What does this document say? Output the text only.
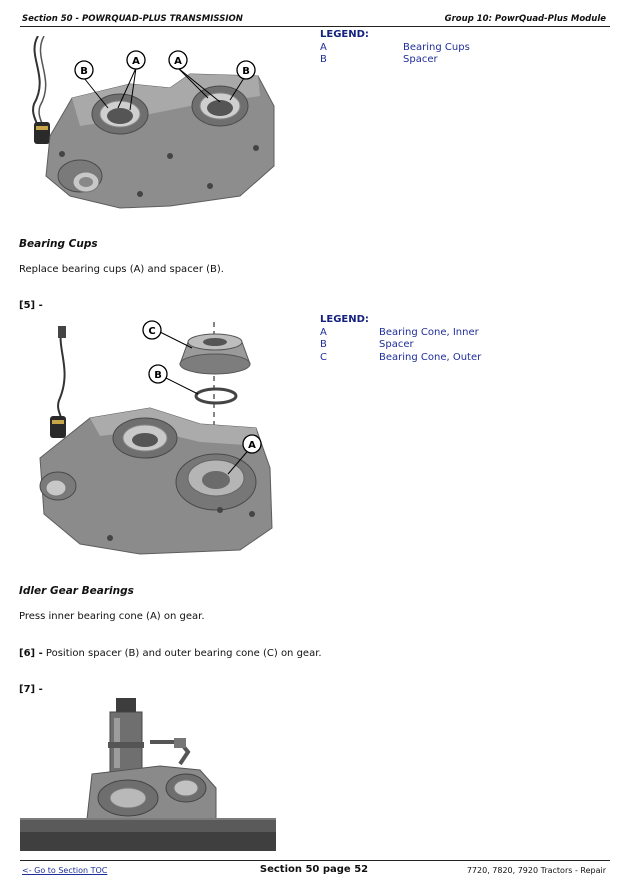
Section 50 - POWRQUAD-PLUS TRANSMISSION	Group 10: PowrQuad-Plus Module
B
A	A
B
LEGEND:
A	Bearing Cups
B	Spacer
Bearing Cups
Replace bearing cups (A) and spacer (B).
[5] -
C
B
A
LEGEND:
A	Bearing Cone, Inner
B	Spacer
C	Bearing Cone, Outer
Idler Gear Bearings
Press inner bearing cone (A) on gear.
[6] - Position spacer (B) and outer bearing cone (C) on gear.
[7] -
<- Go to Section TOC	Section 50 page 52	7720, 7820, 7920 Tractors - Repair
